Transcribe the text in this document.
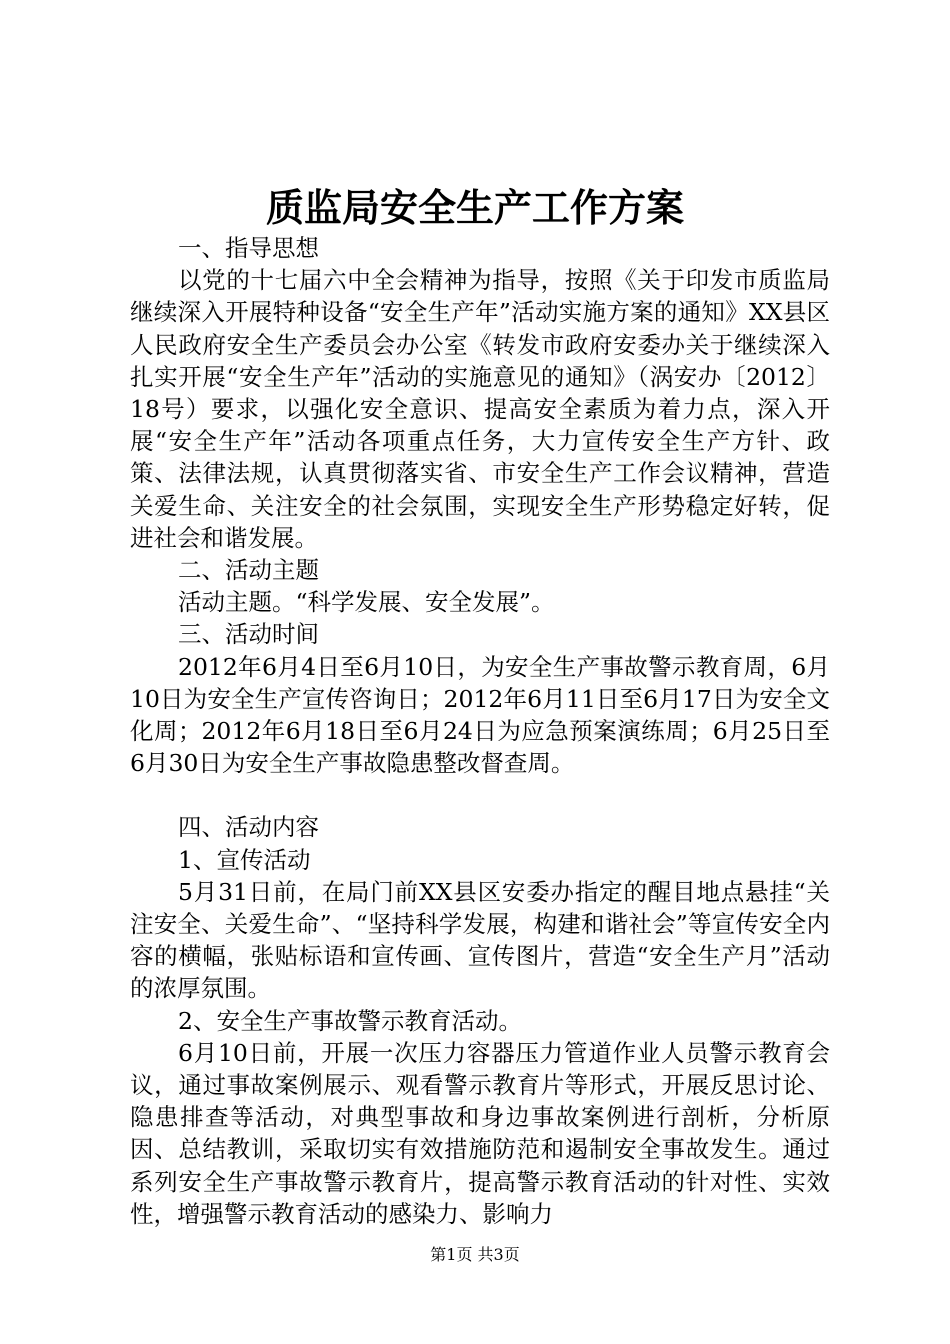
质监局安全生产工作方案

一、指导思想

以党的十七届六中全会精神为指导，按照《关于印发市质监局继续深入开展特种设备“安全生产年”活动实施方案的通知》XX县区人民政府安全生产委员会办公室《转发市政府安委办关于继续深入扎实开展“安全生产年”活动的实施意见的通知》（涡安办〔2012〕18号）要求，以强化安全意识、提高安全素质为着力点，深入开展“安全生产年”活动各项重点任务，大力宣传安全生产方针、政策、法律法规，认真贯彻落实省、市安全生产工作会议精神，营造关爱生命、关注安全的社会氛围，实现安全生产形势稳定好转，促进社会和谐发展。

二、活动主题

活动主题。“科学发展、安全发展”。

三、活动时间

2012年6月4日至6月10日，为安全生产事故警示教育周，6月10日为安全生产宣传咨询日；2012年6月11日至6月17日为安全文化周；2012年6月18日至6月24日为应急预案演练周；6月25日至6月30日为安全生产事故隐患整改督查周。

四、活动内容

1、宣传活动

5月31日前，在局门前XX县区安委办指定的醒目地点悬挂“关注安全、关爱生命”、“坚持科学发展，构建和谐社会”等宣传安全内容的横幅，张贴标语和宣传画、宣传图片，营造“安全生产月”活动的浓厚氛围。

2、安全生产事故警示教育活动。

6月10日前，开展一次压力容器压力管道作业人员警示教育会议，通过事故案例展示、观看警示教育片等形式，开展反思讨论、隐患排查等活动，对典型事故和身边事故案例进行剖析，分析原因、总结教训，采取切实有效措施防范和遏制安全事故发生。通过系列安全生产事故警示教育片，提高警示教育活动的针对性、实效性，增强警示教育活动的感染力、影响力

第1页 共3页
